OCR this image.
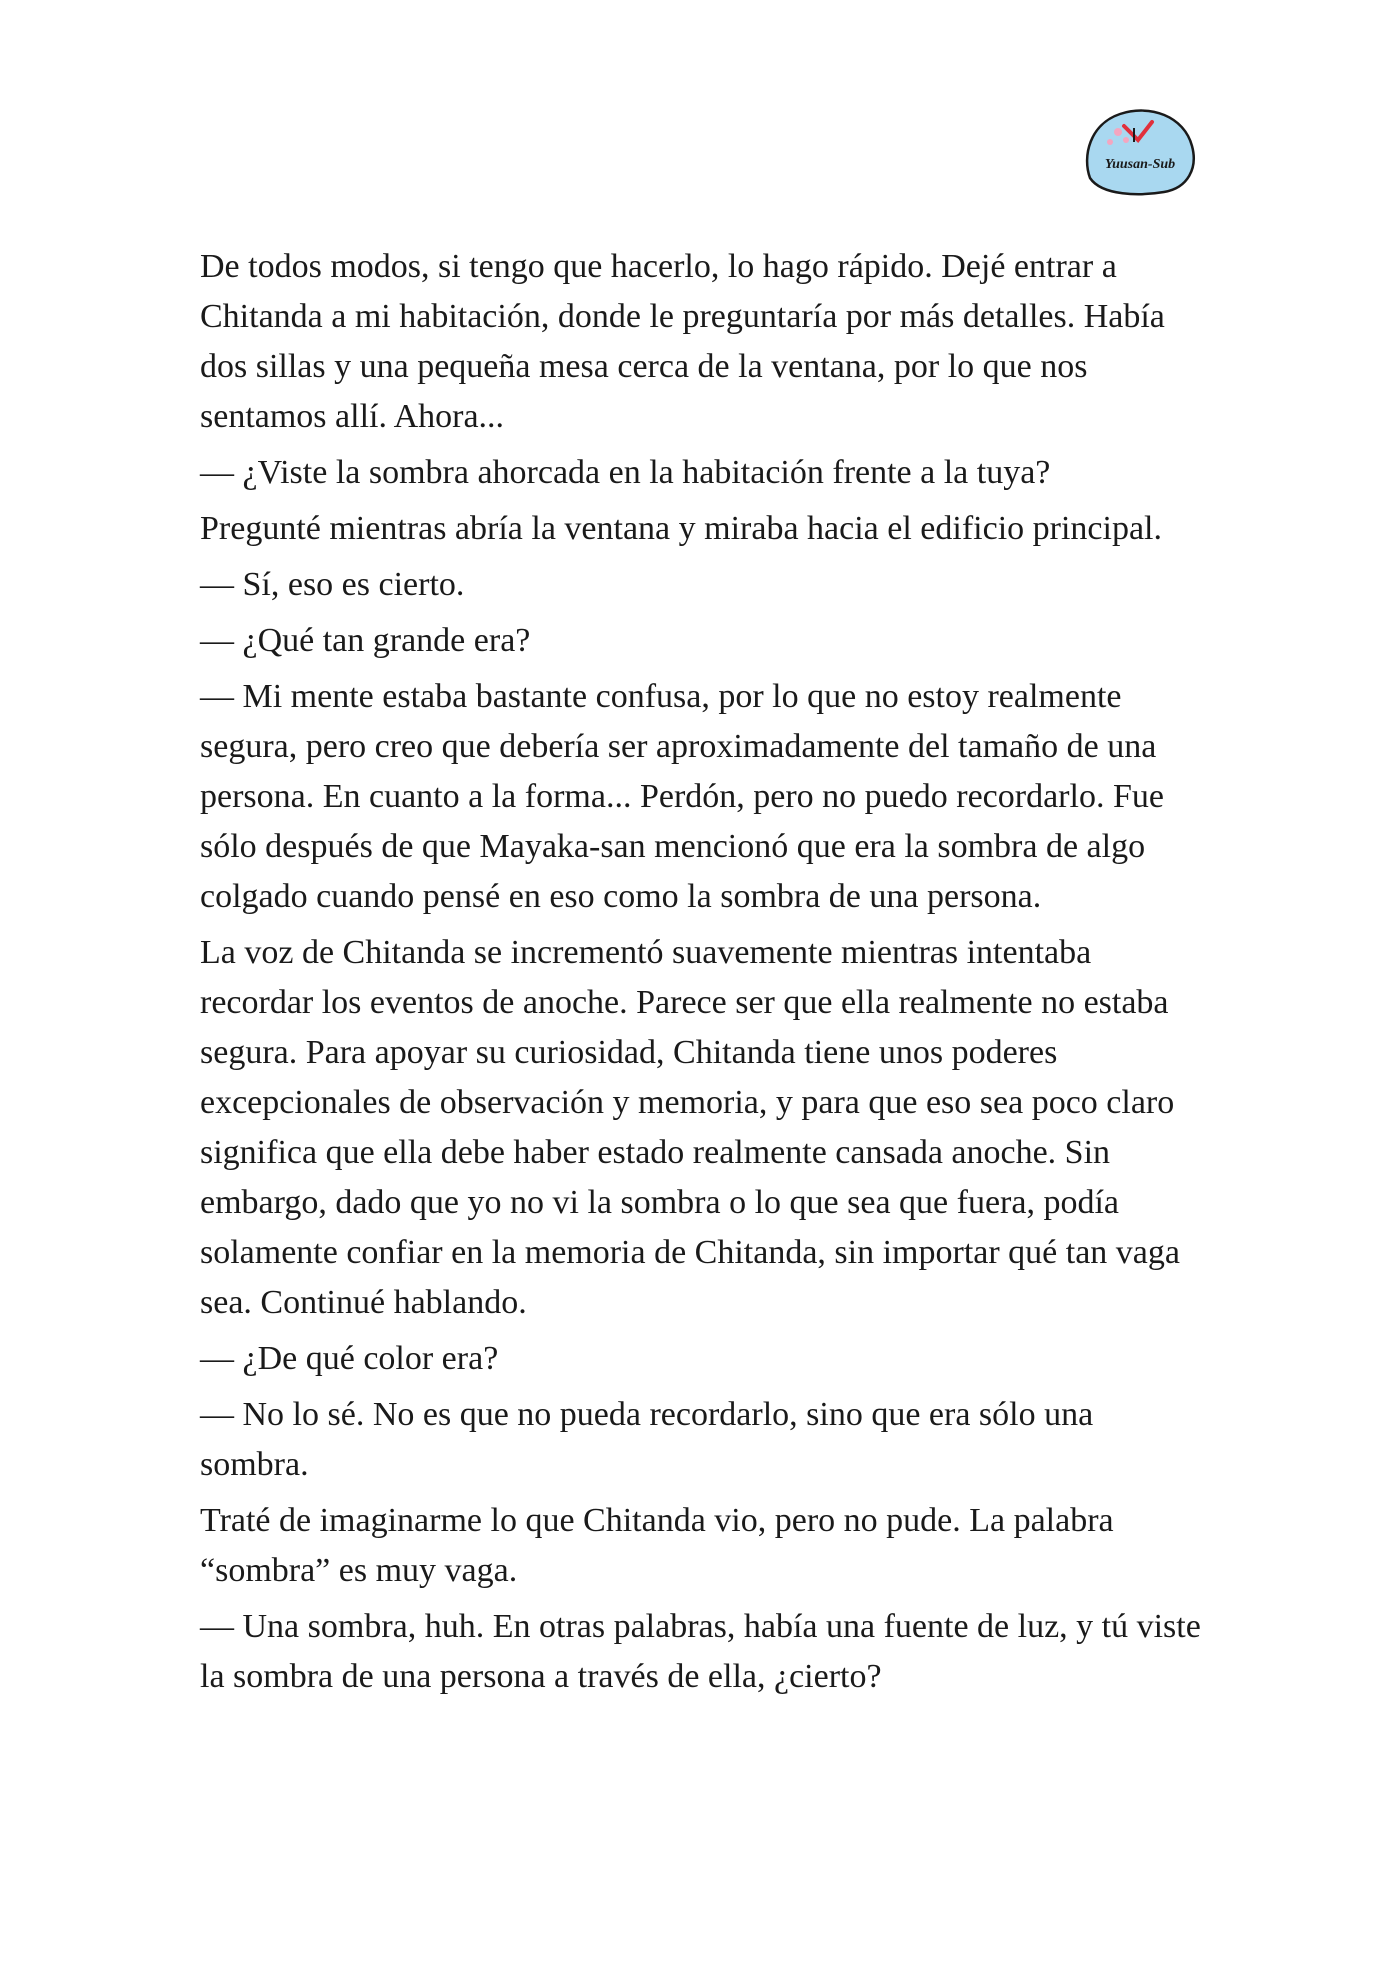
Yuusan-Sub

De todos modos, si tengo que hacerlo, lo hago rápido. Dejé entrar a Chitanda a mi habitación, donde le preguntaría por más detalles. Había dos sillas y una pequeña mesa cerca de la ventana, por lo que nos sentamos allí. Ahora...

— ¿Viste la sombra ahorcada en la habitación frente a la tuya?

Pregunté mientras abría la ventana y miraba hacia el edificio principal.

— Sí, eso es cierto.

— ¿Qué tan grande era?

— Mi mente estaba bastante confusa, por lo que no estoy realmente segura, pero creo que debería ser aproximadamente del tamaño de una persona. En cuanto a la forma... Perdón, pero no puedo recordarlo. Fue sólo después de que Mayaka-san mencionó que era la sombra de algo colgado cuando pensé en eso como la sombra de una persona.

La voz de Chitanda se incrementó suavemente mientras intentaba recordar los eventos de anoche. Parece ser que ella realmente no estaba segura. Para apoyar su curiosidad, Chitanda tiene unos poderes excepcionales de observación y memoria, y para que eso sea poco claro significa que ella debe haber estado realmente cansada anoche. Sin embargo, dado que yo no vi la sombra o lo que sea que fuera, podía solamente confiar en la memoria de Chitanda, sin importar qué tan vaga sea. Continué hablando.

— ¿De qué color era?

— No lo sé. No es que no pueda recordarlo, sino que era sólo una sombra.

Traté de imaginarme lo que Chitanda vio, pero no pude. La palabra “sombra” es muy vaga.

— Una sombra, huh. En otras palabras, había una fuente de luz, y tú viste la sombra de una persona a través de ella, ¿cierto?
